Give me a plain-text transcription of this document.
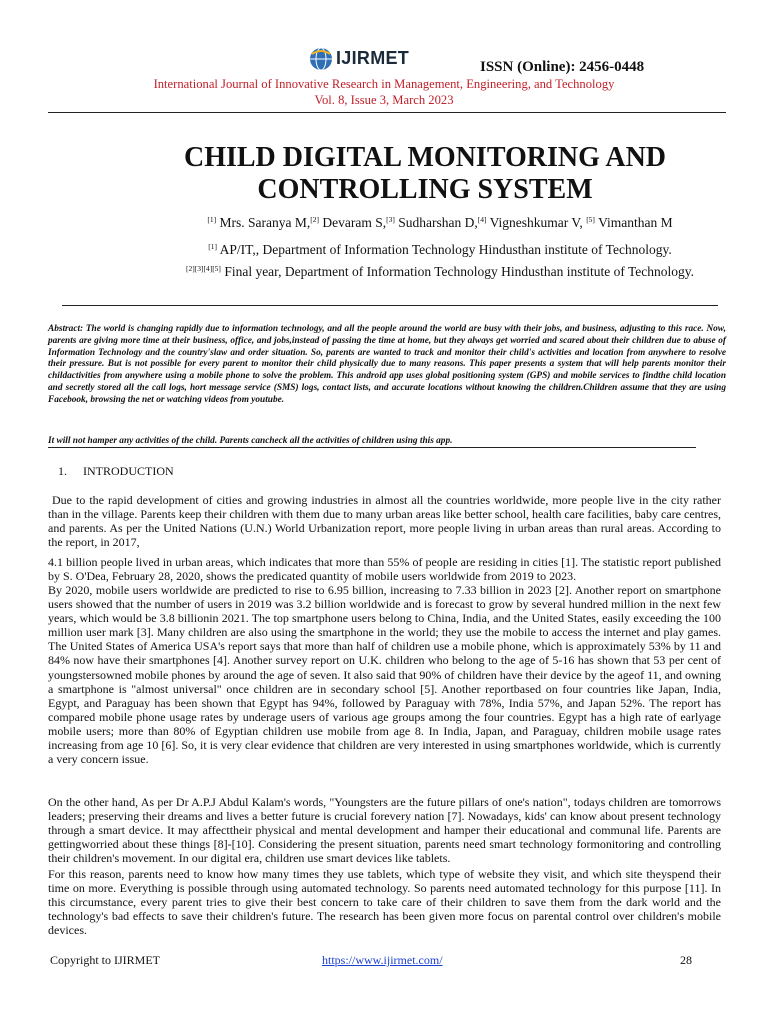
IJIRMET	ISSN (Online): 2456-0448
International Journal of Innovative Research in Management, Engineering, and Technology
Vol. 8, Issue 3, March 2023
CHILD DIGITAL MONITORING AND
CONTROLLING SYSTEM
[1] Mrs. Saranya M,[2] Devaram S,[3] Sudharshan D,[4] Vigneshkumar V, [5] Vimanthan M
[1] AP/IT,, Department of Information Technology Hindusthan institute of Technology.
[2][3][4][5] Final year, Department of Information Technology Hindusthan institute of Technology.
Abstract: The world is changing rapidly due to information technology, and all the people around the world are busy with their jobs, and business, adjusting to this race. Now, parents are giving more time at their business, office, and jobs,instead of passing the time at home, but they always get worried and scared about their children due to abuse of Information Technology and the country'slaw and order situation. So, parents are wanted to track and monitor their child's activities and location from anywhere to resolve their pressure. But is not possible for every parent to monitor their child physically due to many reasons. This paper presents a system that will help parents monitor their childactivities from anywhere using a mobile phone to solve the problem. This android app uses global positioning system (GPS) and mobile services to findthe child location and secretly stored all the call logs, hort message service (SMS) logs, contact lists, and accurate locations without knowing the children.Children assume that they are using Facebook, browsing the net or watching videos from youtube.
It will not hamper any activities of the child. Parents cancheck all the activities of children using this app.
1. INTRODUCTION
Due to the rapid development of cities and growing industries in almost all the countries worldwide, more people live in the city rather than in the village. Parents keep their children with them due to many urban areas like better school, health care facilities, baby care centres, and parents. As per the United Nations (U.N.) World Urbanization report, more people living in urban areas than rural areas. According to the report, in 2017,
4.1 billion people lived in urban areas, which indicates that more than 55% of people are residing in cities [1]. The statistic report published by S. O'Dea, February 28, 2020, shows the predicated quantity of mobile users worldwide from 2019 to 2023.
By 2020, mobile users worldwide are predicted to rise to 6.95 billion, increasing to 7.33 billion in 2023 [2]. Another report on smartphone users showed that the number of users in 2019 was 3.2 billion worldwide and is forecast to grow by several hundred million in the next few years, which would be 3.8 billionin 2021. The top smartphone users belong to China, India, and the United States, easily exceeding the 100 million user mark [3]. Many children are also using the smartphone in the world; they use the mobile to access the internet and play games. The United States of America USA's report says that more than half of children use a mobile phone, which is approximately 53% by 11 and 84% now have their smartphones [4]. Another survey report on U.K. children who belong to the age of 5-16 has shown that 53 per cent of youngstersowned mobile phones by around the age of seven. It also said that 90% of children have their device by the ageof 11, and owning a smartphone is "almost universal" once children are in secondary school [5]. Another reportbased on four countries like Japan, India, Egypt, and Paraguay has been shown that Egypt has 94%, followed by Paraguay with 78%, India 57%, and Japan 52%. The report has compared mobile phone usage rates by underage users of various age groups among the four countries. Egypt has a high rate of earlyage mobile users; more than 80% of Egyptian children use mobile from age 8. In India, Japan, and Paraguay, children mobile usage rates increasing from age 10 [6]. So, it is very clear evidence that children are very interested in using smartphones worldwide, which is currently a very concern issue.
On the other hand, As per Dr A.P.J Abdul Kalam's words, "Youngsters are the future pillars of one's nation", todays children are tomorrows leaders; preserving their dreams and lives a better future is crucial forevery nation [7]. Nowadays, kids' can know about present technology through a smart device. It may affecttheir physical and mental development and hamper their educational and communal life. Parents are gettingworried about these things [8]-[10]. Considering the present situation, parents need smart technology formonitoring and controlling their children's movement. In our digital era, children use smart devices like tablets.
For this reason, parents need to know how many times they use tablets, which type of website they visit, and which site theyspend their time on more. Everything is possible through using automated technology. So parents need automated technology for this purpose [11]. In this circumstance, every parent tries to give their best concern to take care of their children to save them from the dark world and the technology's bad effects to save their children's future. The research has been given more focus on parental control over children's mobile devices.
Copyright to IJIRMET	https://www.ijirmet.com/	28
